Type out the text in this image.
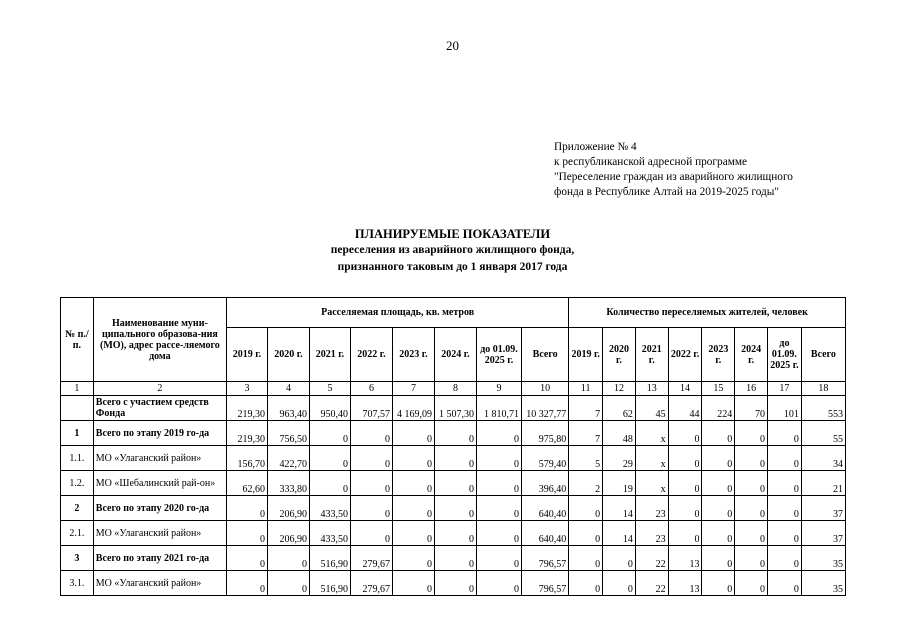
20
Приложение № 4
к республиканской адресной программе
"Переселение граждан из аварийного жилищного
фонда в Республике Алтай на 2019-2025 годы"
ПЛАНИРУЕМЫЕ ПОКАЗАТЕЛИ
переселения из аварийного жилищного фонда,
признанного таковым до 1 января 2017 года
№ п./п.	Наименование муни-ципального образова-ния (МО), адрес рассе-ляемого дома	Расселяемая площадь, кв. метров								Количество переселяемых жителей, человек							
		2019 г.	2020 г.	2021 г.	2022 г.	2023 г.	2024 г.	до 01.09. 2025 г.	Всего	2019 г.	2020 г.	2021 г.	2022 г.	2023 г.	2024 г.	до 01.09. 2025 г.	Всего
1	2	3	4	5	6	7	8	9	10	11	12	13	14	15	16	17	18
	Всего с участием средств Фонда	219,30	963,40	950,40	707,57	4 169,09	1 507,30	1 810,71	10 327,77	7	62	45	44	224	70	101	553
1	Всего по этапу 2019 го-да	219,30	756,50	0	0	0	0	0	975,80	7	48	х	0	0	0	0	55
1.1.	МО «Улаганский район»	156,70	422,70	0	0	0	0	0	579,40	5	29	х	0	0	0	0	34
1.2.	МО «Шебалинский рай-он»	62,60	333,80	0	0	0	0	0	396,40	2	19	х	0	0	0	0	21
2	Всего по этапу 2020 го-да	0	206,90	433,50	0	0	0	0	640,40	0	14	23	0	0	0	0	37
2.1.	МО «Улаганский район»	0	206,90	433,50	0	0	0	0	640,40	0	14	23	0	0	0	0	37
3	Всего по этапу 2021 го-да	0	0	516,90	279,67	0	0	0	796,57	0	0	22	13	0	0	0	35
3.1.	МО «Улаганский район»	0	0	516,90	279,67	0	0	0	796,57	0	0	22	13	0	0	0	35
